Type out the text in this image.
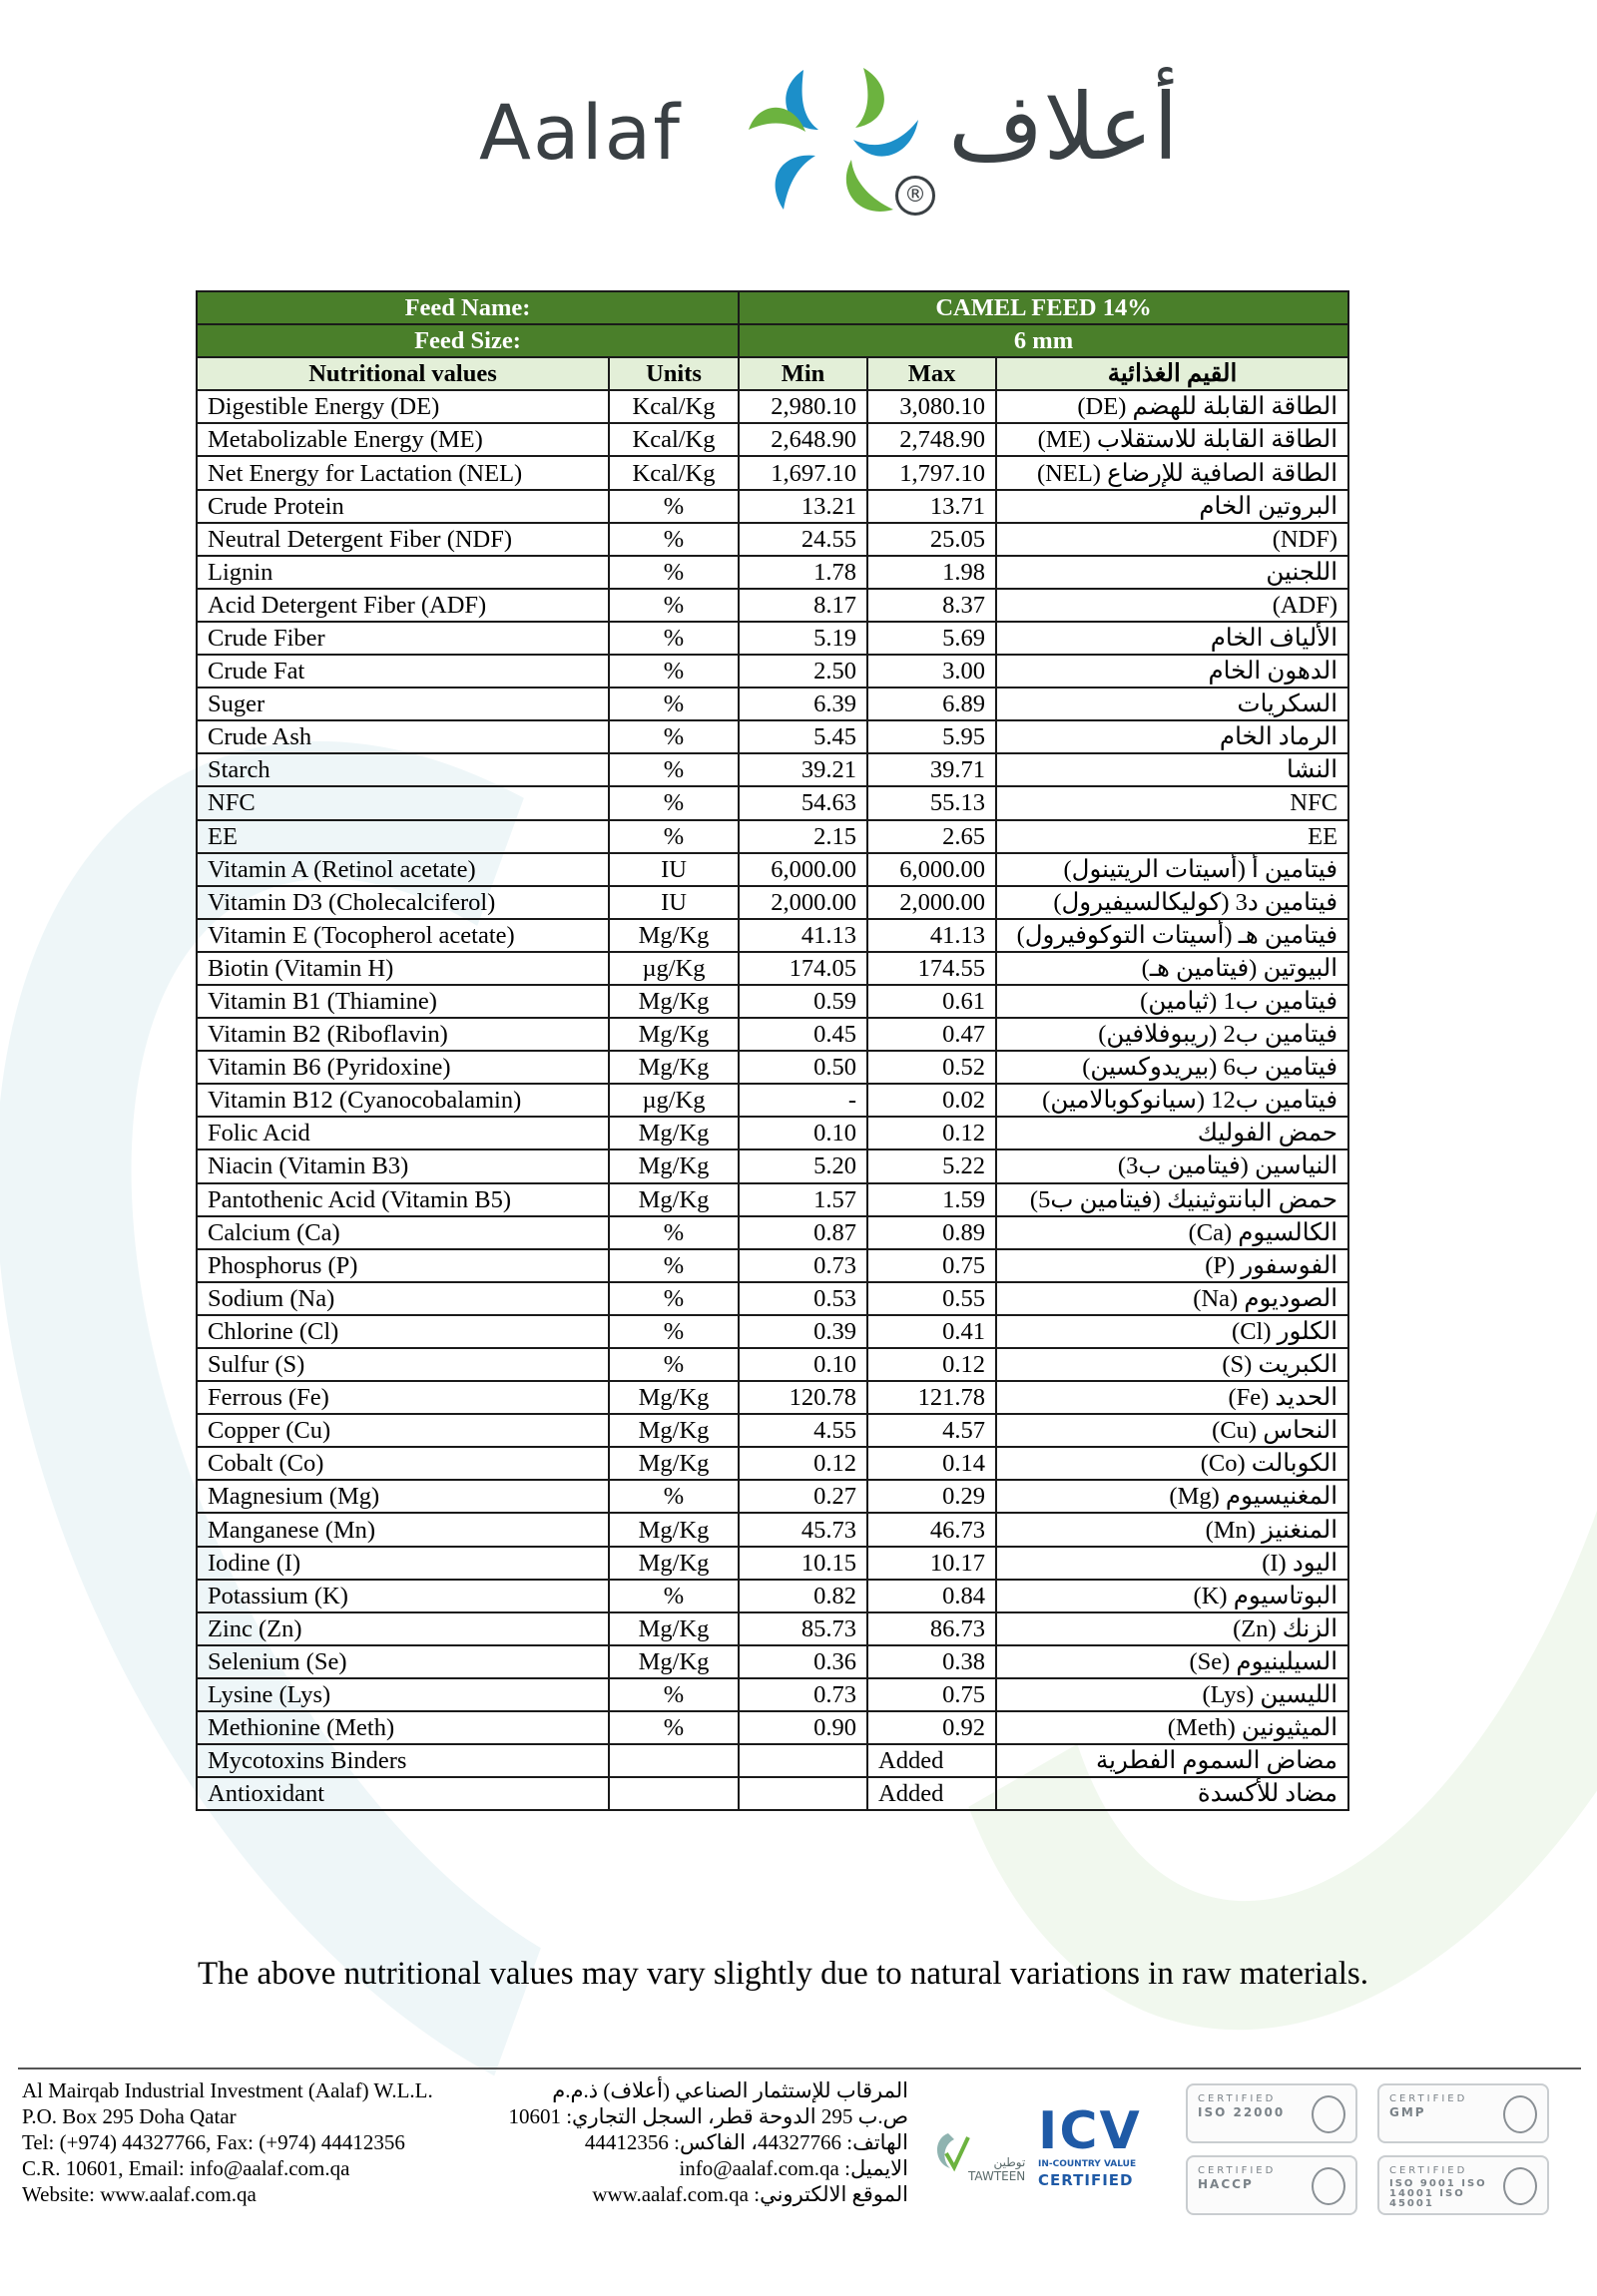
Aalaf
®
أعلاف
Feed Name:		CAMEL FEED 14%		
Feed Size:		6 mm		
Nutritional values	Units	Min	Max	القيم الغذائية
Digestible Energy (DE)	Kcal/Kg	2,980.10	3,080.10	الطاقة القابلة للهضم (DE)
Metabolizable Energy (ME)	Kcal/Kg	2,648.90	2,748.90	الطاقة القابلة للاستقلاب (ME)
Net Energy for Lactation (NEL)	Kcal/Kg	1,697.10	1,797.10	الطاقة الصافية للإرضاع (NEL)
Crude Protein	%	13.21	13.71	البروتين الخام
Neutral Detergent Fiber (NDF)	%	24.55	25.05	(NDF)
Lignin	%	1.78	1.98	اللجنين
Acid Detergent Fiber (ADF)	%	8.17	8.37	(ADF)
Crude Fiber	%	5.19	5.69	الألياف الخام
Crude Fat	%	2.50	3.00	الدهون الخام
Suger	%	6.39	6.89	السكريات
Crude Ash	%	5.45	5.95	الرماد الخام
Starch	%	39.21	39.71	النشا
NFC	%	54.63	55.13	NFC
EE	%	2.15	2.65	EE
Vitamin A (Retinol acetate)	IU	6,000.00	6,000.00	فيتامين أ (أسيتات الريتينول)
Vitamin D3 (Cholecalciferol)	IU	2,000.00	2,000.00	فيتامين د3 (كوليكالسيفيرول)
Vitamin E (Tocopherol acetate)	Mg/Kg	41.13	41.13	فيتامين هـ (أسيتات التوكوفيرول)
Biotin (Vitamin H)	µg/Kg	174.05	174.55	البيوتين (فيتامين هـ)
Vitamin B1 (Thiamine)	Mg/Kg	0.59	0.61	فيتامين ب1 (ثيامين)
Vitamin B2 (Riboflavin)	Mg/Kg	0.45	0.47	فيتامين ب2 (ريبوفلافين)
Vitamin B6 (Pyridoxine)	Mg/Kg	0.50	0.52	فيتامين ب6 (بيريدوكسين)
Vitamin B12 (Cyanocobalamin)	µg/Kg	-	0.02	فيتامين ب12 (سيانوكوبالامين)
Folic Acid	Mg/Kg	0.10	0.12	حمض الفوليك
Niacin (Vitamin B3)	Mg/Kg	5.20	5.22	النياسين (فيتامين ب3)
Pantothenic Acid (Vitamin B5)	Mg/Kg	1.57	1.59	حمض البانتوثينيك (فيتامين ب5)
Calcium (Ca)	%	0.87	0.89	الكالسيوم (Ca)
Phosphorus (P)	%	0.73	0.75	الفوسفور (P)
Sodium (Na)	%	0.53	0.55	الصوديوم (Na)
Chlorine (Cl)	%	0.39	0.41	الكلور (Cl)
Sulfur (S)	%	0.10	0.12	الكبريت (S)
Ferrous (Fe)	Mg/Kg	120.78	121.78	الحديد (Fe)
Copper (Cu)	Mg/Kg	4.55	4.57	النحاس (Cu)
Cobalt (Co)	Mg/Kg	0.12	0.14	الكوبالت (Co)
Magnesium (Mg)	%	0.27	0.29	المغنيسيوم (Mg)
Manganese (Mn)	Mg/Kg	45.73	46.73	المنغنيز (Mn)
Iodine (I)	Mg/Kg	10.15	10.17	اليود (I)
Potassium (K)	%	0.82	0.84	البوتاسيوم (K)
Zinc (Zn)	Mg/Kg	85.73	86.73	الزنك (Zn)
Selenium (Se)	Mg/Kg	0.36	0.38	السيلينيوم (Se)
Lysine (Lys)	%	0.73	0.75	الليسين (Lys)
Methionine (Meth)	%	0.90	0.92	الميثيونين (Meth)
Mycotoxins Binders			Added	مضاض السموم الفطرية
Antioxidant			Added	مضاد للأكسدة
The above nutritional values may vary slightly due to natural variations in raw materials.
Al Mairqab Industrial Investment (Aalaf) W.L.L.
P.O. Box 295 Doha Qatar
Tel: (+974) 44327766, Fax: (+974) 44412356
C.R. 10601, Email: info@aalaf.com.qa
Website: www.aalaf.com.qa
المرقاب للإستثمار الصناعي (أعلاف) ذ.م.م
ص.ب 295 الدوحة قطر، السجل التجاري: 10601
الهاتف: 44327766، الفاكس: 44412356
الايميل: info@aalaf.com.qa
الموقع الالكتروني: www.aalaf.com.qa
توطين
TAWTEEN
ICV
IN-COUNTRY VALUE
CERTIFIED
CERTIFIED
ISO 22000
CERTIFIED
GMP
CERTIFIED
HACCP
CERTIFIED
ISO 9001 ISO 14001 ISO 45001
